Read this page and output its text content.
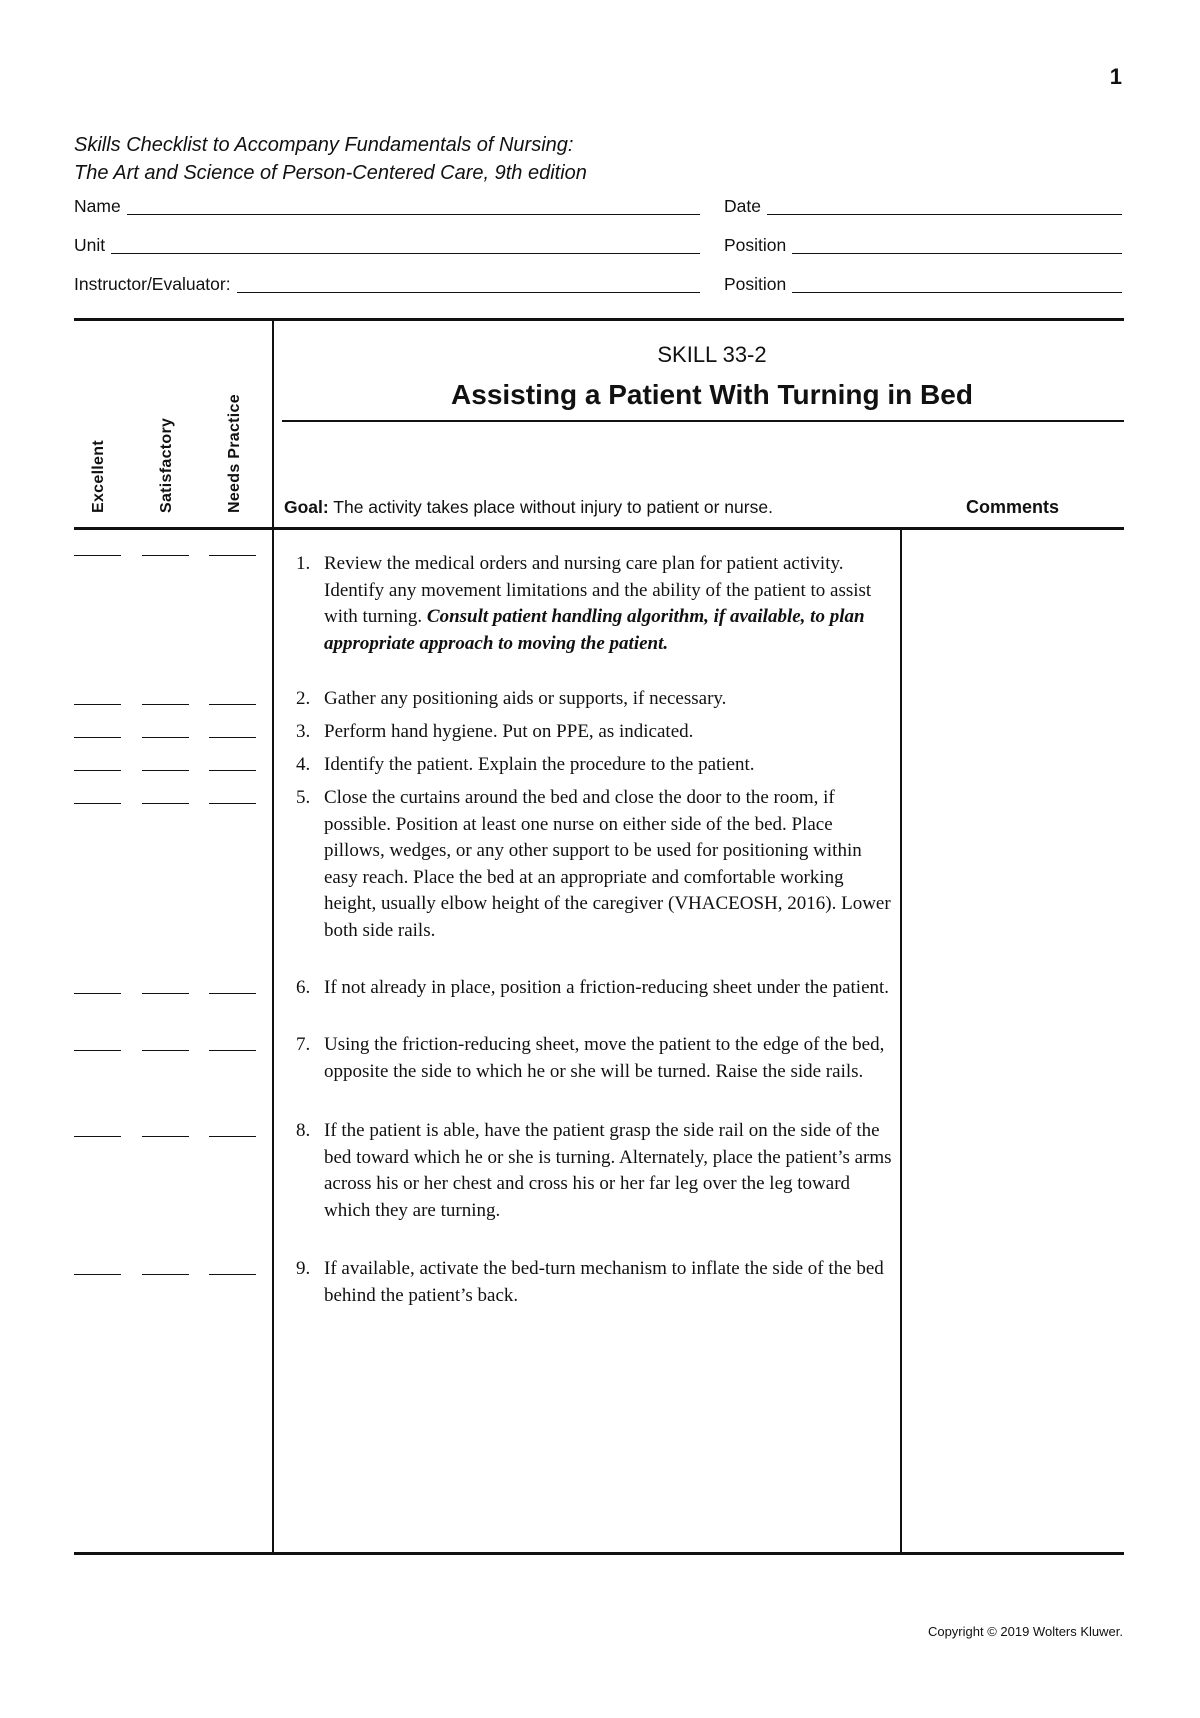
1
Skills Checklist to Accompany Fundamentals of Nursing:
The Art and Science of Person-Centered Care, 9th edition
Name	Date
Unit	Position
Instructor/Evaluator:	Position
Excellent	Satisfactory	Needs Practice
SKILL 33-2
Assisting a Patient With Turning in Bed
Goal: The activity takes place without injury to patient or nurse.	Comments
1. Review the medical orders and nursing care plan for patient activity. Identify any movement limitations and the ability of the patient to assist with turning. Consult patient handling algorithm, if available, to plan appropriate approach to moving the patient.
2. Gather any positioning aids or supports, if necessary.
3. Perform hand hygiene. Put on PPE, as indicated.
4. Identify the patient. Explain the procedure to the patient.
5. Close the curtains around the bed and close the door to the room, if possible. Position at least one nurse on either side of the bed. Place pillows, wedges, or any other support to be used for positioning within easy reach. Place the bed at an appropriate and comfortable working height, usually elbow height of the caregiver (VHACEOSH, 2016). Lower both side rails.
6. If not already in place, position a friction-reducing sheet under the patient.
7. Using the friction-reducing sheet, move the patient to the edge of the bed, opposite the side to which he or she will be turned. Raise the side rails.
8. If the patient is able, have the patient grasp the side rail on the side of the bed toward which he or she is turning. Alternately, place the patient’s arms across his or her chest and cross his or her far leg over the leg toward which they are turning.
9. If available, activate the bed-turn mechanism to inflate the side of the bed behind the patient’s back.
Copyright © 2019 Wolters Kluwer.
